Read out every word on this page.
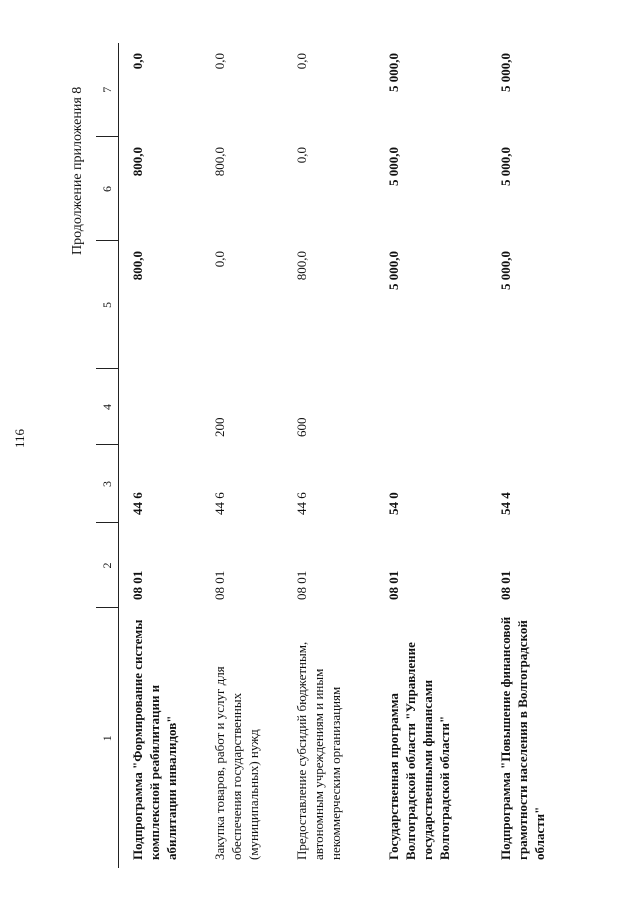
116
Продолжение приложения 8
1	2	3	4	5	6	7
Подпрограмма "Формирование системы комплексной реабилитации и абилитации инвалидов"	08 01	44 6		800,0	800,0	0,0
Закупка товаров, работ и услуг для обеспечения государственных (муниципальных) нужд	08 01	44 6	200	0,0	800,0	0,0
Предоставление субсидий бюджетным, автономным учреждениям и иным некоммерческим организациям	08 01	44 6	600	800,0	0,0	0,0
Государственная программа Волгоградской области "Управление государственными финансами Волгоградской области"	08 01	54 0		5 000,0	5 000,0	5 000,0
Подпрограмма "Повышение финансовой грамотности населения в Волгоградской области"	08 01	54 4		5 000,0	5 000,0	5 000,0
